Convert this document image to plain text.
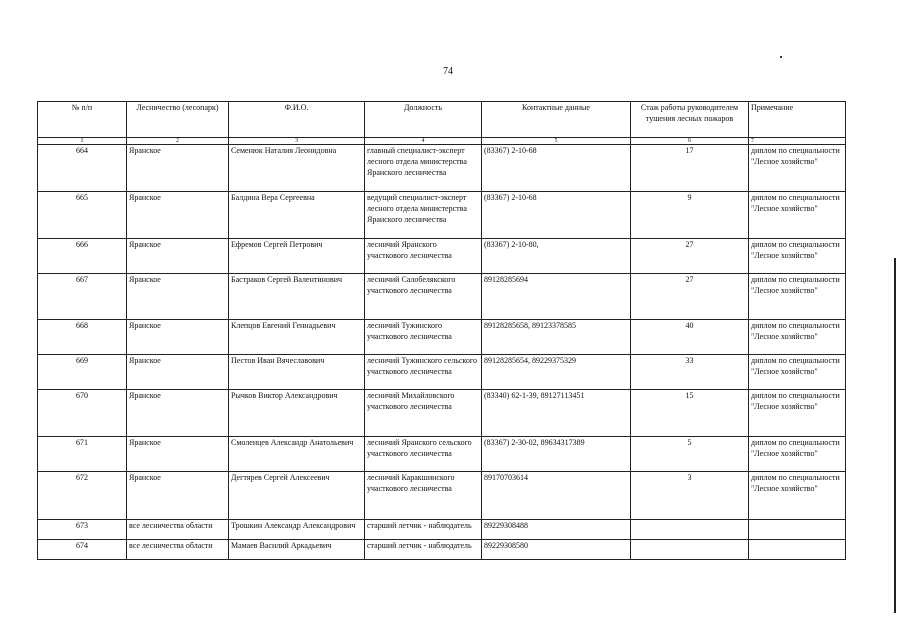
74
№ п/п	Лесничество (лесопарк)	Ф.И.О.	Должность	Контактные данные	Стаж работы руководителем тушения лесных пожаров	Примечание
1	2	3	4	5	6	7
664	Яранское	Семенюк Наталия Леонидовна	главный специалист-эксперт лесного отдела министерства Яранского лесничества	(83367) 2-10-68	17	диплом по специальности "Лесное хозяйство"
665	Яранское	Балдина Вера Сергеевна	ведущий специалист-эксперт лесного отдела министерства Яранского лесничества	(83367) 2-10-68	9	диплом по специальности "Лесное хозяйство"
666	Яранское	Ефремов Сергей Петрович	лесничий Яранского участкового лесничества	(83367) 2-10-80,	27	диплом по специальности "Лесное хозяйство"
667	Яранское	Бастраков Сергей Валентинович	лесничий Салобелякского участкового лесничества	89128285694	27	диплом по специальности "Лесное хозяйство"
668	Яранское	Клепцов Евгений Геннадьевич	лесничий Тужинского участкового лесничества	89128285658, 89123378585	40	диплом по специальности "Лесное хозяйство"
669	Яранское	Пестов Иван Вячеславович	лесничий Тужинского сельского участкового лесничества	89128285654, 89229375329	33	диплом по специальности "Лесное хозяйство"
670	Яранское	Рычков Виктор Александрович	лесничий Михайловского участкового лесничества	(83340) 62-1-39, 89127113451	15	диплом по специальности "Лесное хозяйство"
671	Яранское	Смоленцев Александр Анатольевич	лесничий Яранского сельского участкового лесничества	(83367) 2-30-02, 89634317389	5	диплом по специальности "Лесное хозяйство"
672	Яранское	Дегтярев Сергей Алексеевич	лесничий Каракшинского участкового лесничества	89170703614	3	диплом по специальности "Лесное хозяйство"
673	все лесничества области	Трошкин Александр Александрович	старший летчик - наблюдатель	89229308488		
674	все лесничества области	Мамаев Василий Аркадьевич	старший летчик - наблюдатель	89229308580		
